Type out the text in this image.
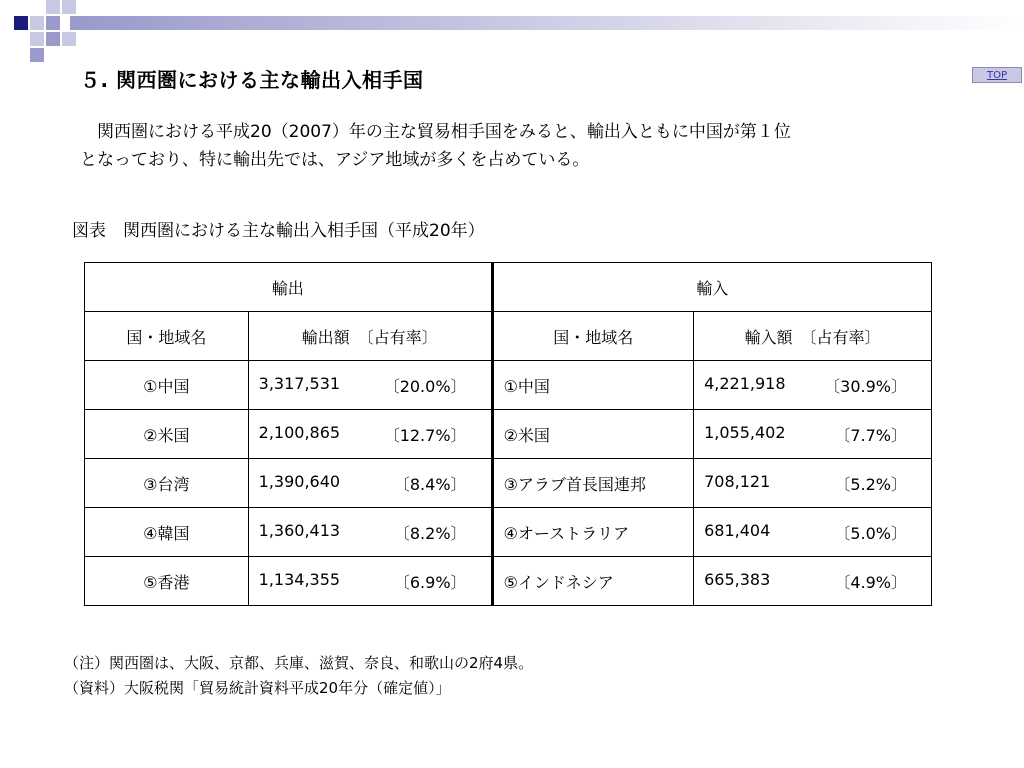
５. 関西圏における主な輸出入相手国	TOP
関西圏における平成20（2007）年の主な貿易相手国をみると、輸出入ともに中国が第１位
となっており、特に輸出先では、アジア地域が多くを占めている。
図表　関西圏における主な輸出入相手国（平成20年）
輸出		輸入	
国・地域名	輸出額　〔占有率〕	国・地域名	輸入額　〔占有率〕
①中国	3,317,531 〔20.0%〕	①中国	4,221,918 〔30.9%〕

②米国	2,100,865 〔12.7%〕	②米国	1,055,402 〔7.7%〕

③台湾	1,390,640 〔8.4%〕	③アラブ首長国連邦	708,121 〔5.2%〕

④韓国	1,360,413 〔8.2%〕	④オーストラリア	681,404 〔5.0%〕

⑤香港	1,134,355 〔6.9%〕	⑤インドネシア	665,383 〔4.9%〕
（注）関西圏は、大阪、京都、兵庫、滋賀、奈良、和歌山の2府4県。
（資料）大阪税関「貿易統計資料平成20年分（確定値）」
